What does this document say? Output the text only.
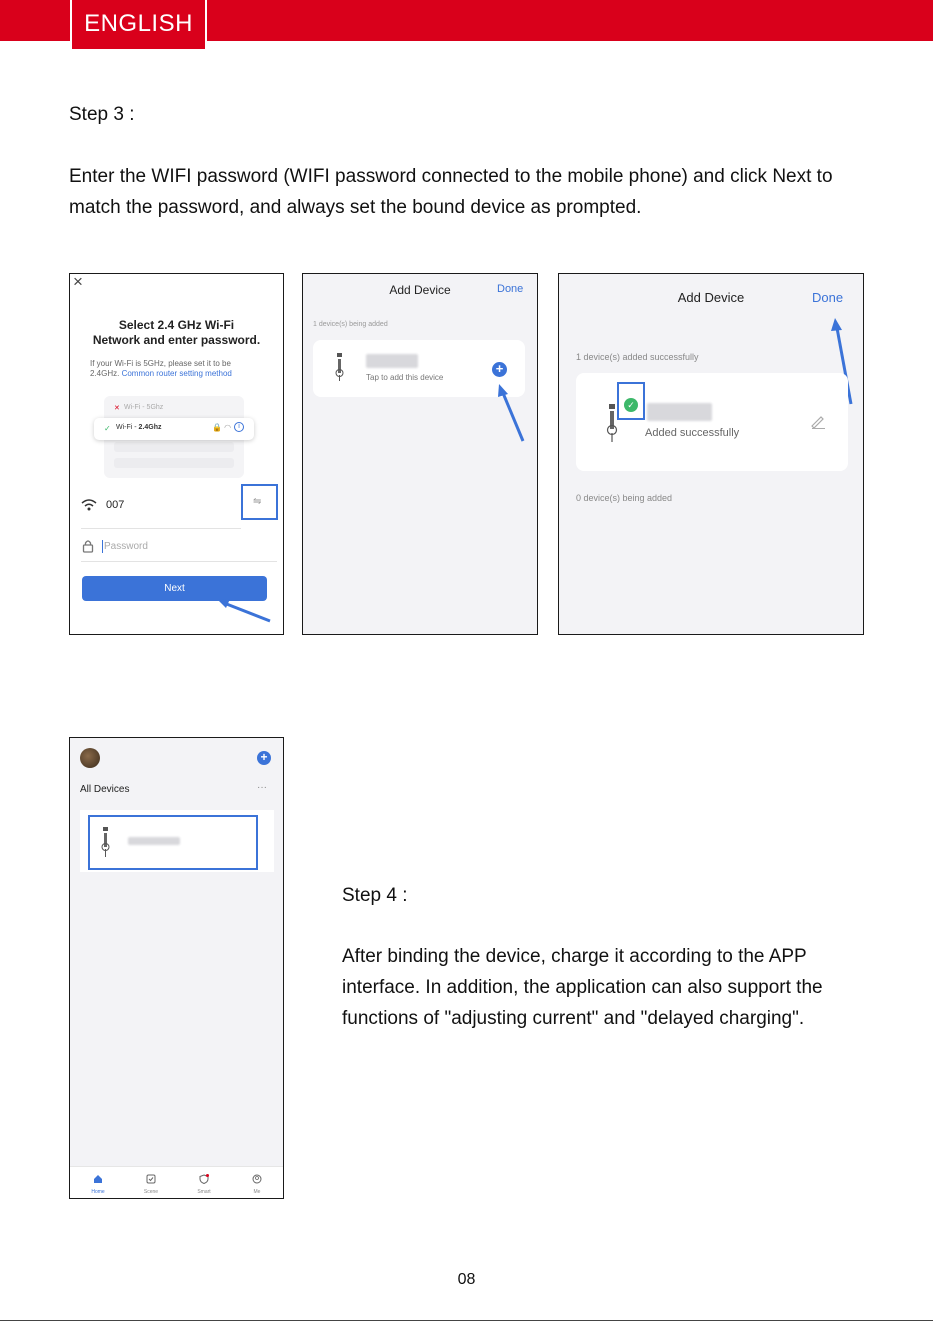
ENGLISH
Step 3 :
Enter the WIFI password (WIFI password connected to the mobile phone) and click Next to
match the password, and always set the bound device as prompted.
×
Select 2.4 GHz Wi-Fi
Network and enter password.
If your Wi-Fi is 5GHz, please set it to be
2.4GHz. Common router setting method
✕ Wi-Fi - 5Ghz
✓ Wi-Fi - 2.4Ghz	🔒 ◠	i
007	⇋
Password
Next
Add Device	Done
1 device(s) being added
Tap to add this device
+
Add Device	Done
1 device(s) added successfully
✓
Added successfully
0 device(s) being added
+
All Devices	···
Home	Scene	Smart	Me
Step 4 :
After binding the device, charge it according to the APP
interface. In addition, the application can also support the
functions of "adjusting current" and "delayed charging".
08
